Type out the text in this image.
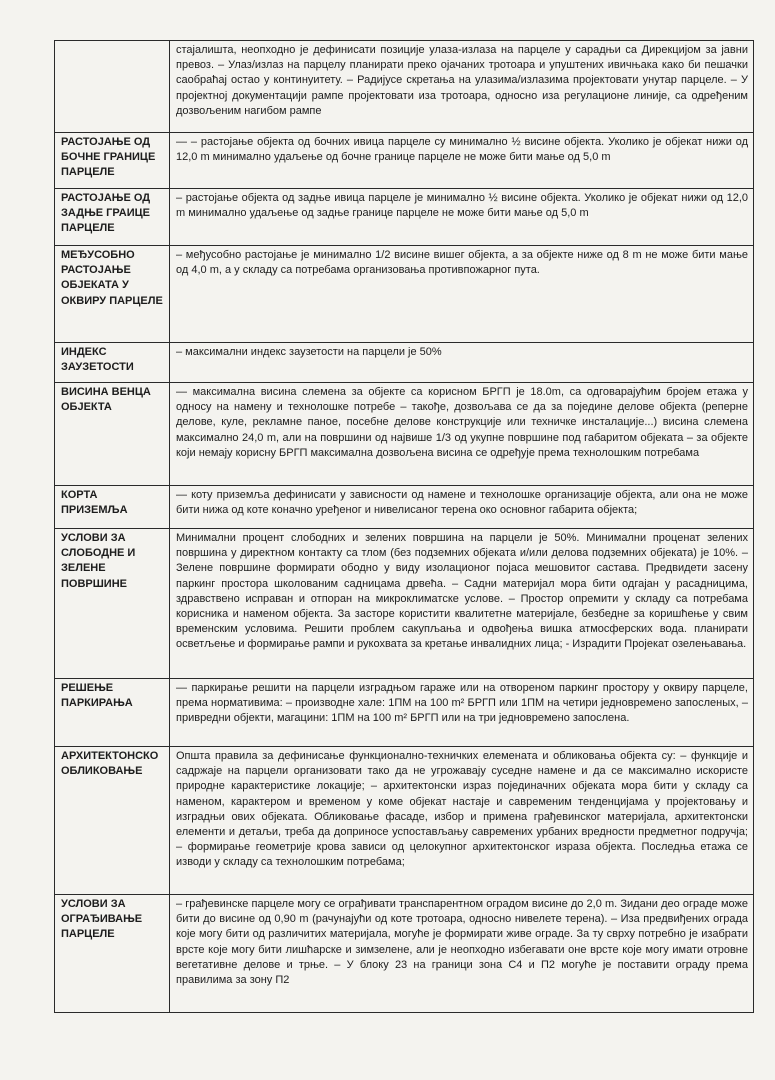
	стајалишта, неопходно је дефинисати позиције улаза-излаза на парцеле у сарадњи са Дирекцијом за јавни превоз. – Улаз/излаз на парцелу планирати преко ојачаних тротоара и упуштених ивичњака како би пешачки саобраћај остао у континуитету. – Радијусе скретања на улазима/излазима пројектовати унутар парцеле. – У пројектној документацији рампе пројектовати иза тротоара, односно иза регулационе линије, са одређеним дозвољеним нагибом рампе
РАСТОЈАЊЕ ОД БОЧНЕ ГРАНИЦЕ ПАРЦЕЛЕ	— – растојање објекта од бочних ивица парцеле су минимално ½ висине објекта. Уколико је објекат нижи од 12,0 m минимално удаљење од бочне границе парцеле не може бити мање од 5,0 m
РАСТОЈАЊЕ ОД ЗАДЊЕ ГРАИЦЕ ПАРЦЕЛЕ	– растојање објекта од задње ивица парцеле је минимално ½ висине објекта. Уколико је објекат нижи од 12,0 m минимално удаљење од задње границе парцеле не може бити мање од 5,0 m
МЕЂУСОБНО РАСТОЈАЊЕ ОБЈЕКАТА У ОКВИРУ ПАРЦЕЛЕ	– међусобно растојање је минимално 1/2 висине вишег објекта, а за објекте ниже од 8 m не може бити мање од 4,0 m, а у складу са потребама организовања противпожарног пута.
ИНДЕКС ЗАУЗЕТОСТИ	– максимални индекс заузетости на парцели је 50%
ВИСИНА ВЕНЦА ОБЈЕКТА	— максимална висина слемена за објекте са корисном БРГП је 18.0m, са одговарајућим бројем етажа у односу на намену и технолошке потребе – такође, дозвољава се да за поједине делове објекта (реперне делове, куле, рекламне паное, посебне делове конструкције или техничке инсталације...) висина слемена максимално 24,0 m, али на површини од највише 1/3 од укупне површине под габаритом објеката – за објекте који немају корисну БРГП максимална дозвољена висина се одређује према технолошким потребама
КОРТА ПРИЗЕМЉА	— коту приземља дефинисати у зависности од намене и технолошке организације објекта, али она не може бити нижа од коте коначно уређеног и нивелисаног терена око основног габарита објекта;
УСЛОВИ ЗА СЛОБОДНЕ И ЗЕЛЕНЕ ПОВРШИНЕ	Минимални процент слободних и зелених површина на парцели је 50%. Минимални проценат зелених површина у директном контакту са тлом (без подземних објеката и/или делова подземних објеката) је 10%. – Зелене површине формирати ободно у виду изолационог појаса мешовитог састава. Предвидети засену паркинг простора школованим садницама дрвећа. – Садни материјал мора бити одгајан у расадницима, здравствено исправан и отпоран на микроклиматске услове. – Простор опремити у складу са потребама корисника и наменом објекта. За засторе користити квалитетне материјале, безбедне за коришћење у свим временским условима. Решити проблем сакупљања и одвођења вишка атмосферских вода. планирати осветљење и формирање рампи и рукохвата за кретање инвалидних лица; - Израдити Пројекат озелењавања.
РЕШЕЊЕ ПАРКИРАЊА	— паркирање решити на парцели изградњом гараже или на отвореном паркинг простору у оквиру парцеле, према нормативима: – производне хале: 1ПМ на 100 m² БРГП или 1ПМ на четири једновремено запосленых, – привредни објекти, магацини: 1ПМ на 100 m² БРГП или на три једновремено запослена.
АРХИТЕКТОНСКО ОБЛИКОВАЊЕ	Општа правила за дефинисање функционално-техничких елемената и обликовања објекта су: – функције и садржаје на парцели организовати тако да не угрожавају суседне намене и да се максимално искористе природне карактеристике локације; – архитектонски израз појединачних објеката мора бити у складу са наменом, карактером и временом у коме објекат настаје и савременим тенденцијама у пројектовању и изградњи ових објеката. Обликовање фасаде, избор и примена грађевинског материјала, архитектонски елементи и детаљи, треба да доприносе успостављању савремених урбаних вредности предметног подручја; – формирање геометрије крова зависи од целокупног архитектонског израза објекта. Последња етажа се изводи у складу са технолошким потребама;
УСЛОВИ ЗА ОГРАЂИВАЊЕ ПАРЦЕЛЕ	– грађевинске парцеле могу се ограђивати транспарентном оградом висине до 2,0 m. Зидани део ограде може бити до висине од 0,90 m (рачунајући од коте тротоара, односно нивелете терена). – Иза предвиђених ограда које могу бити од различитих материјала, могуће је формирати живе ограде. За ту сврху потребно је изабрати врсте које могу бити лишћарске и зимзелене, али је неопходно избегавати оне врсте које могу имати отровне вегетативне делове и трње. – У блоку 23 на граници зона С4 и П2 могуће је поставити ограду према правилима за зону П2
